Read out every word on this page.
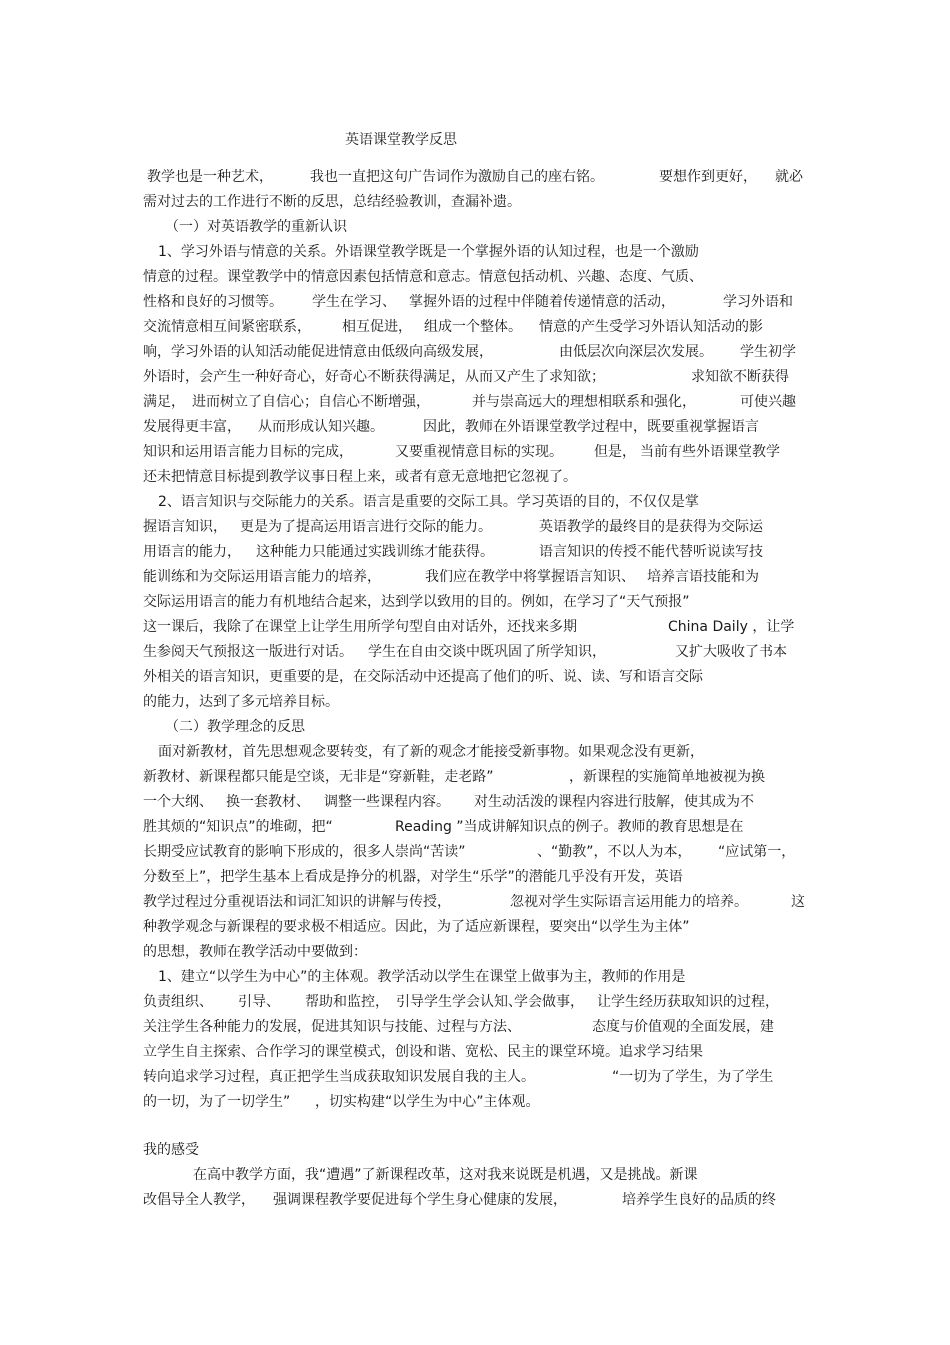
英语课堂教学反思
教学也是一种艺术，	我也一直把这句广告词作为激励自己的座右铭。	要想作到更好， 就必
需对过去的工作进行不断的反思，总结经验教训，查漏补遗。
（一）对英语教学的重新认识
1、学习外语与情意的关系。外语课堂教学既是一个掌握外语的认知过程，也是一个激励
情意的过程。课堂教学中的情意因素包括情意和意志。情意包括动机、兴趣、态度、气质、
性格和良好的习惯等。 学生在学习、 掌握外语的过程中伴随着传递情意的活动，	学习外语和
交流情意相互间紧密联系， 相互促进， 组成一个整体。 情意的产生受学习外语认知活动的影
响，学习外语的认知活动能促进情意由低级向高级发展，	由低层次向深层次发展。 学生初学
外语时，会产生一种好奇心，好奇心不断获得满足，从而又产生了求知欲；	求知欲不断获得
满足， 进而树立了自信心；自信心不断增强，	并与崇高远大的理想相联系和强化，	可使兴趣
发展得更丰富， 从而形成认知兴趣。	因此，教师在外语课堂教学过程中，既要重视掌握语言
知识和运用语言能力目标的完成，	又要重视情意目标的实现。 但是， 当前有些外语课堂教学
还未把情意目标提到教学议事日程上来，或者有意无意地把它忽视了。
2、语言知识与交际能力的关系。语言是重要的交际工具。学习英语的目的，不仅仅是掌
握语言知识， 更是为了提高运用语言进行交际的能力。	英语教学的最终目的是获得为交际运
用语言的能力， 这种能力只能通过实践训练才能获得。	语言知识的传授不能代替听说读写技
能训练和为交际运用语言能力的培养，	我们应在教学中将掌握语言知识、 培养言语技能和为
交际运用语言的能力有机地结合起来，达到学以致用的目的。例如，在学习了“天气预报”
这一课后，我除了在课堂上让学生用所学句型自由对话外，还找来多期	China Daily ，让学
生参阅天气预报这一版进行对话。 学生在自由交谈中既巩固了所学知识，	又扩大吸收了书本
外相关的语言知识，更重要的是，在交际活动中还提高了他们的听、说、读、写和语言交际
的能力，达到了多元培养目标。
（二）教学理念的反思
面对新教材，首先思想观念要转变，有了新的观念才能接受新事物。如果观念没有更新，
新教材、新课程都只能是空谈，无非是“穿新鞋，走老路”	，新课程的实施简单地被视为换
一个大纲、 换一套教材、 调整一些课程内容。 对生动活泼的课程内容进行肢解，使其成为不
胜其烦的“知识点”的堆砌，把“	Reading ”当成讲解知识点的例子。教师的教育思想是在
长期受应试教育的影响下形成的，很多人崇尚“苦读”	、“勤教”，不以人为本， “应试第一，
分数至上”，把学生基本上看成是挣分的机器，对学生“乐学”的潜能几乎没有开发，英语
教学过程过分重视语法和词汇知识的讲解与传授，	忽视对学生实际语言运用能力的培养。	这
种教学观念与新课程的要求极不相适应。因此，为了适应新课程，要突出“以学生为主体”
的思想，教师在教学活动中要做到：
1、建立“以学生为中心”的主体观。教学活动以学生在课堂上做事为主，教师的作用是
负责组织、 引导、 帮助和监控， 引导学生学会认知、
学会做事， 让学生经历获取知识的过程，
关注学生各种能力的发展，促进其知识与技能、过程与方法、	态度与价值观的全面发展，建
立学生自主探索、合作学习的课堂模式，创设和谐、宽松、民主的课堂环境。追求学习结果
转向追求学习过程，真正把学生当成获取知识发展自我的主人。	“一切为了学生，为了学生
的一切，为了一切学生” ，切实构建“以学生为中心”主体观。
在高中教学方面，我“遭遇”了新课程改革，这对我来说既是机遇，又是挑战。新课
改倡导全人教学， 强调课程教学要促进每个学生身心健康的发展，	培养学生良好的品质的终
我的感受
